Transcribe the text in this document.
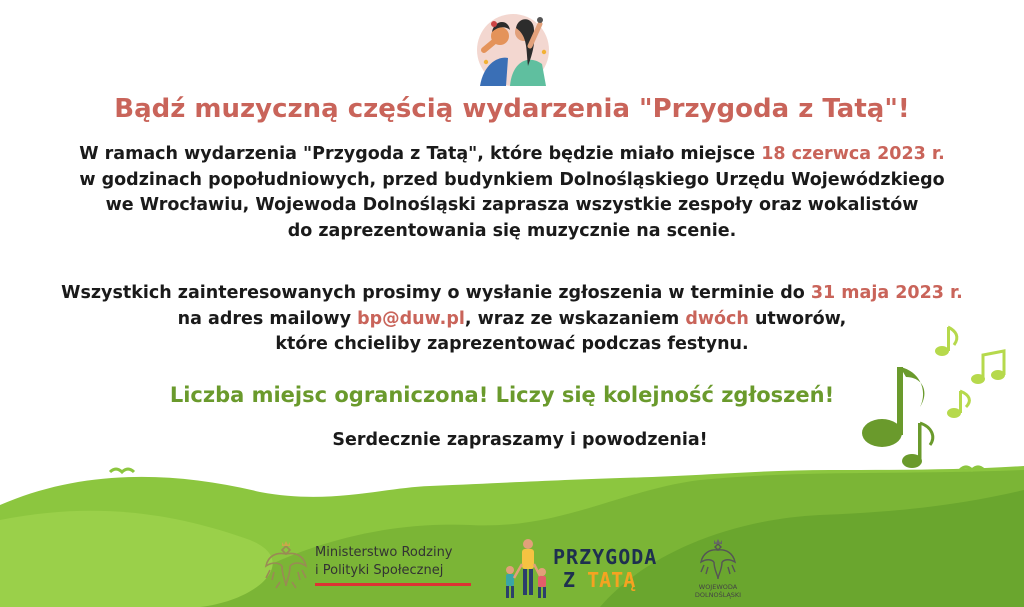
Bądź muzyczną częścią wydarzenia "Przygoda z Tatą"!
W ramach wydarzenia "Przygoda z Tatą", które będzie miało miejsce 18 czerwca 2023 r.
w godzinach popołudniowych, przed budynkiem Dolnośląskiego Urzędu Wojewódzkiego
we Wrocławiu, Wojewoda Dolnośląski zaprasza wszystkie zespoły oraz wokalistów
do zaprezentowania się muzycznie na scenie.
Wszystkich zainteresowanych prosimy o wysłanie zgłoszenia w terminie do 31 maja 2023 r.
na adres mailowy bp@duw.pl, wraz ze wskazaniem dwóch utworów,
które chcieliby zaprezentować podczas festynu.

Liczba miejsc ograniczona! Liczy się kolejność zgłoszeń!

Serdecznie zapraszamy i powodzenia!

Ministerstwo Rodziny
i Polityki Społecznej
PRZYGODA
Z TATĄ	WOJEWODA
DOLNOŚLĄSKI
